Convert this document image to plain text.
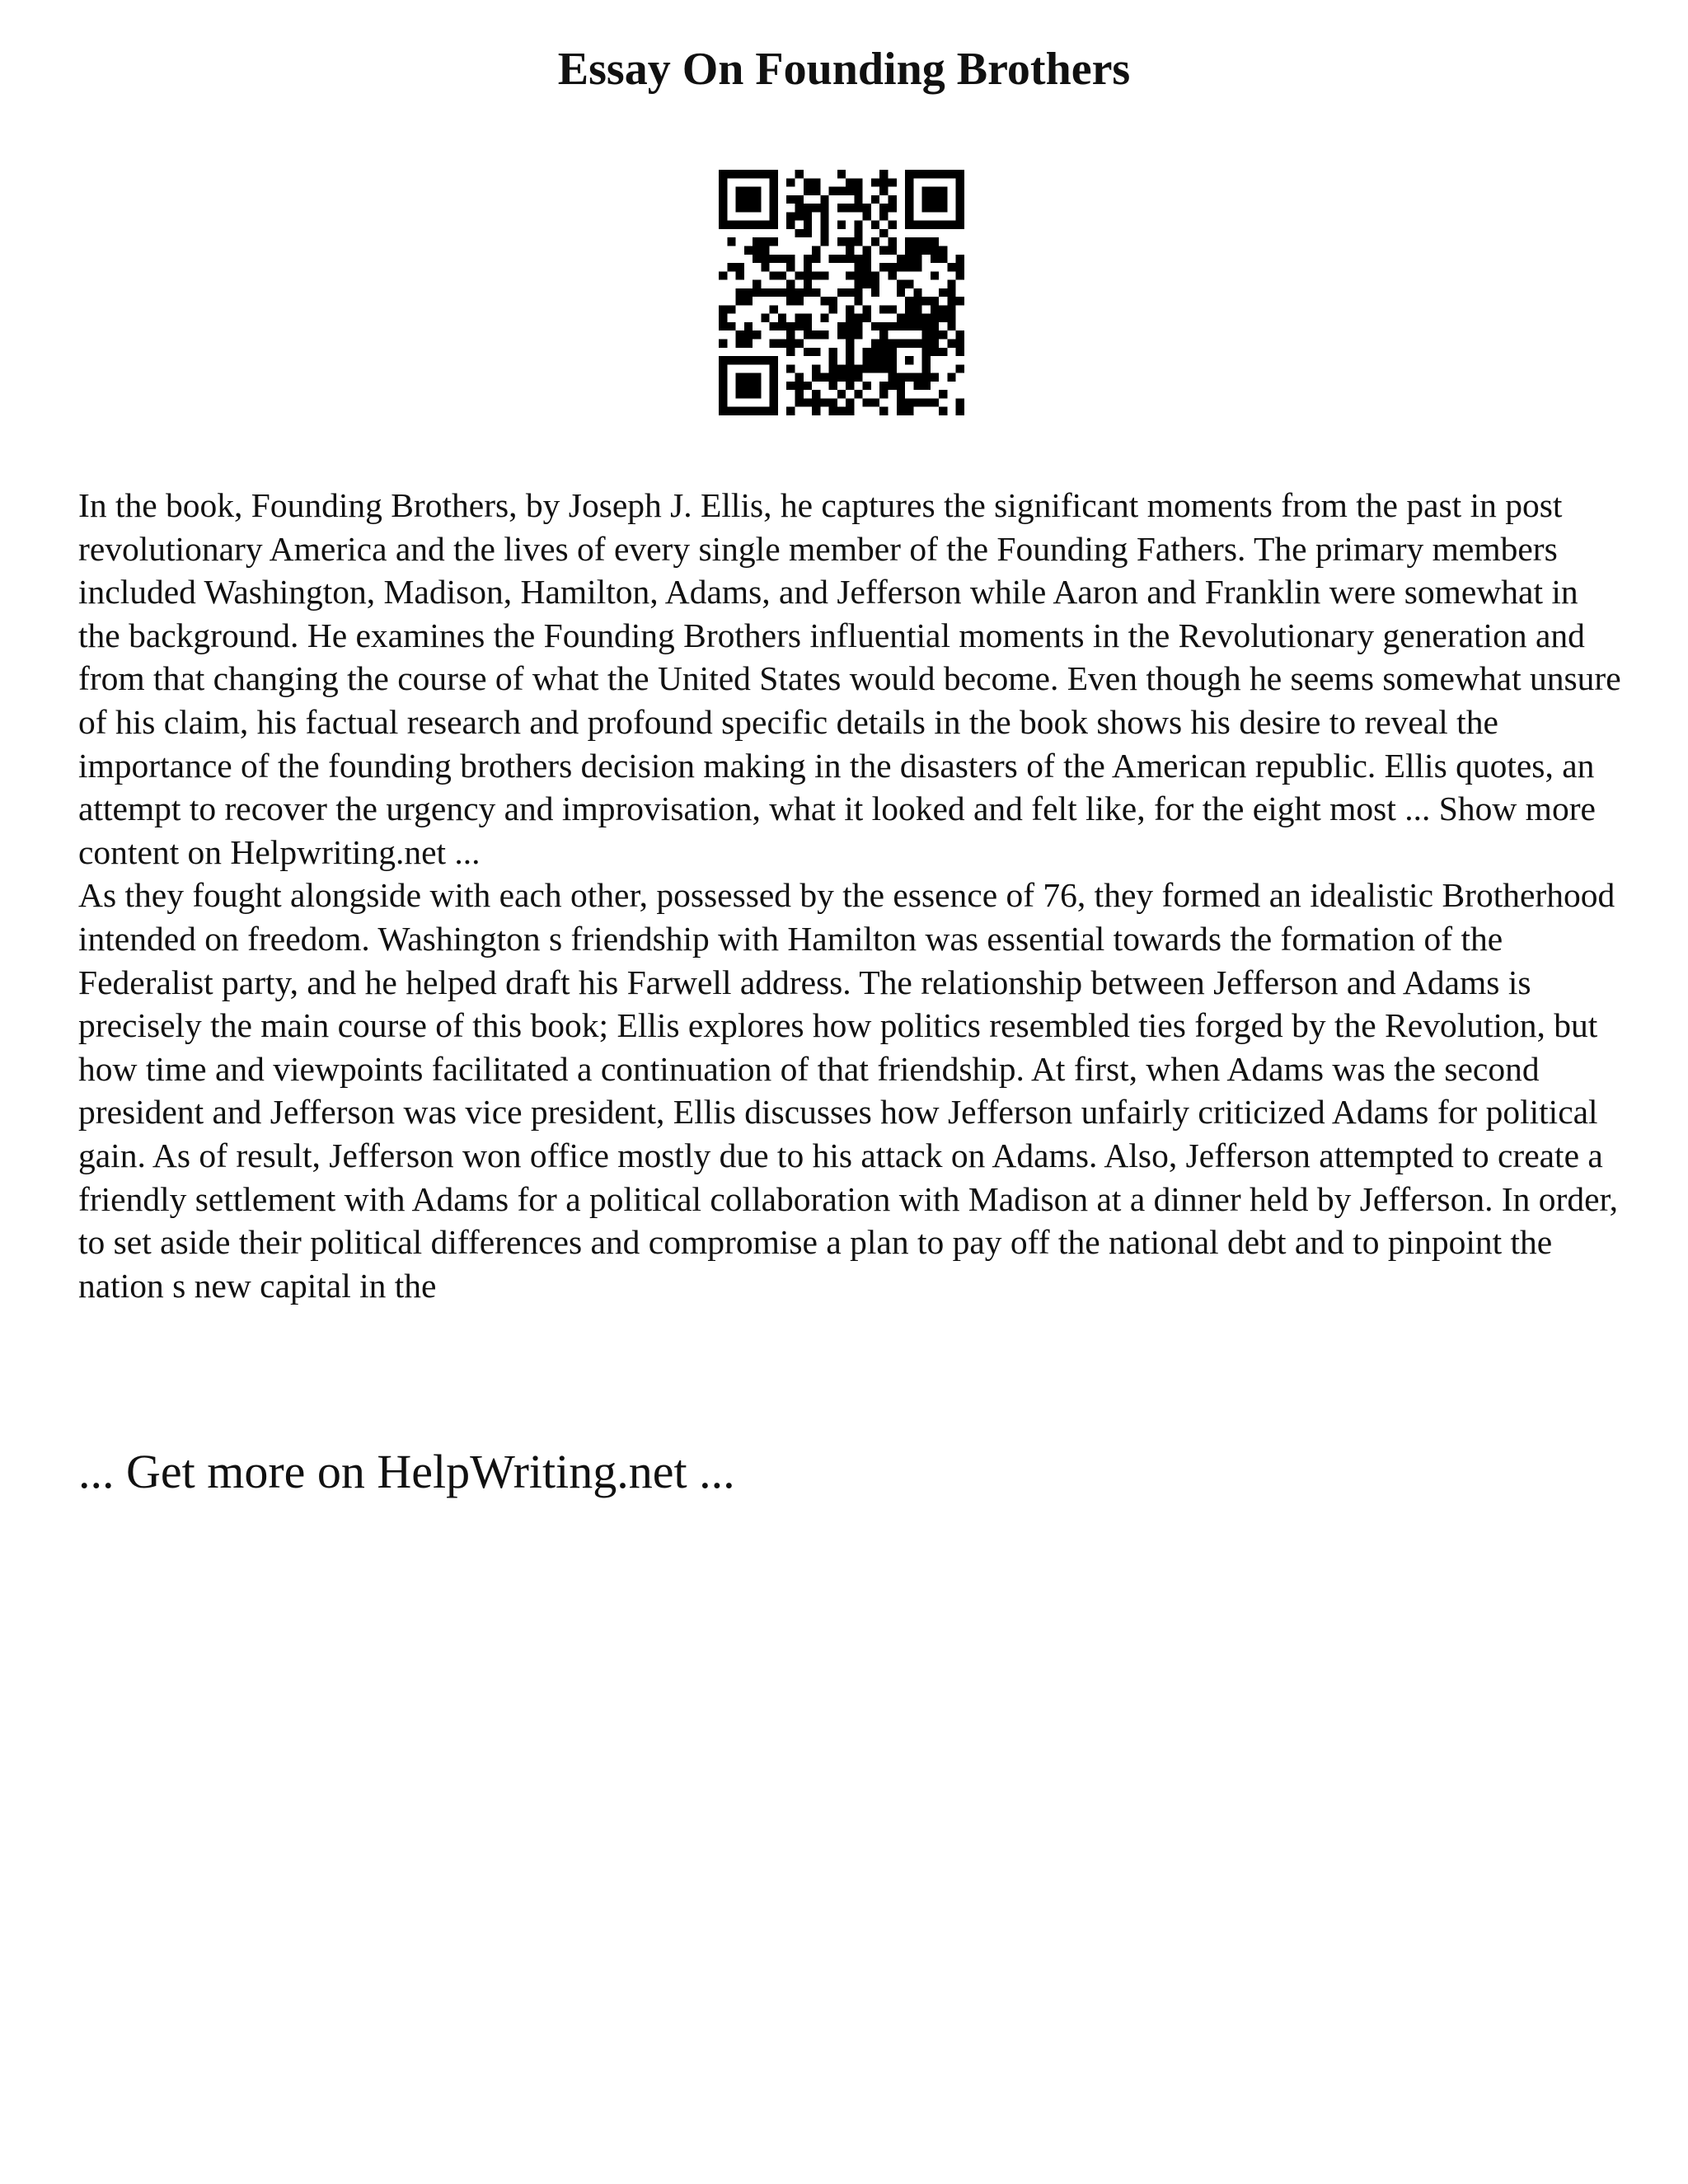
Essay On Founding Brothers

In the book, Founding Brothers, by Joseph J. Ellis, he captures the significant moments from the past in post revolutionary America and the lives of every single member of the Founding Fathers. The primary members included Washington, Madison, Hamilton, Adams, and Jefferson while Aaron and Franklin were somewhat in the background. He examines the Founding Brothers influential moments in the Revolutionary generation and from that changing the course of what the United States would become. Even though he seems somewhat unsure of his claim, his factual research and profound specific details in the book shows his desire to reveal the importance of the founding brothers decision making in the disasters of the American republic. Ellis quotes, an attempt to recover the urgency and improvisation, what it looked and felt like, for the eight most ... Show more content on Helpwriting.net ...

As they fought alongside with each other, possessed by the essence of 76, they formed an idealistic Brotherhood intended on freedom. Washington s friendship with Hamilton was essential towards the formation of the Federalist party, and he helped draft his Farwell address. The relationship between Jefferson and Adams is precisely the main course of this book; Ellis explores how politics resembled ties forged by the Revolution, but how time and viewpoints facilitated a continuation of that friendship. At first, when Adams was the second president and Jefferson was vice president, Ellis discusses how Jefferson unfairly criticized Adams for political gain. As of result, Jefferson won office mostly due to his attack on Adams. Also, Jefferson attempted to create a friendly settlement with Adams for a political collaboration with Madison at a dinner held by Jefferson. In order, to set aside their political differences and compromise a plan to pay off the national debt and to pinpoint the nation s new capital in the

... Get more on HelpWriting.net ...
